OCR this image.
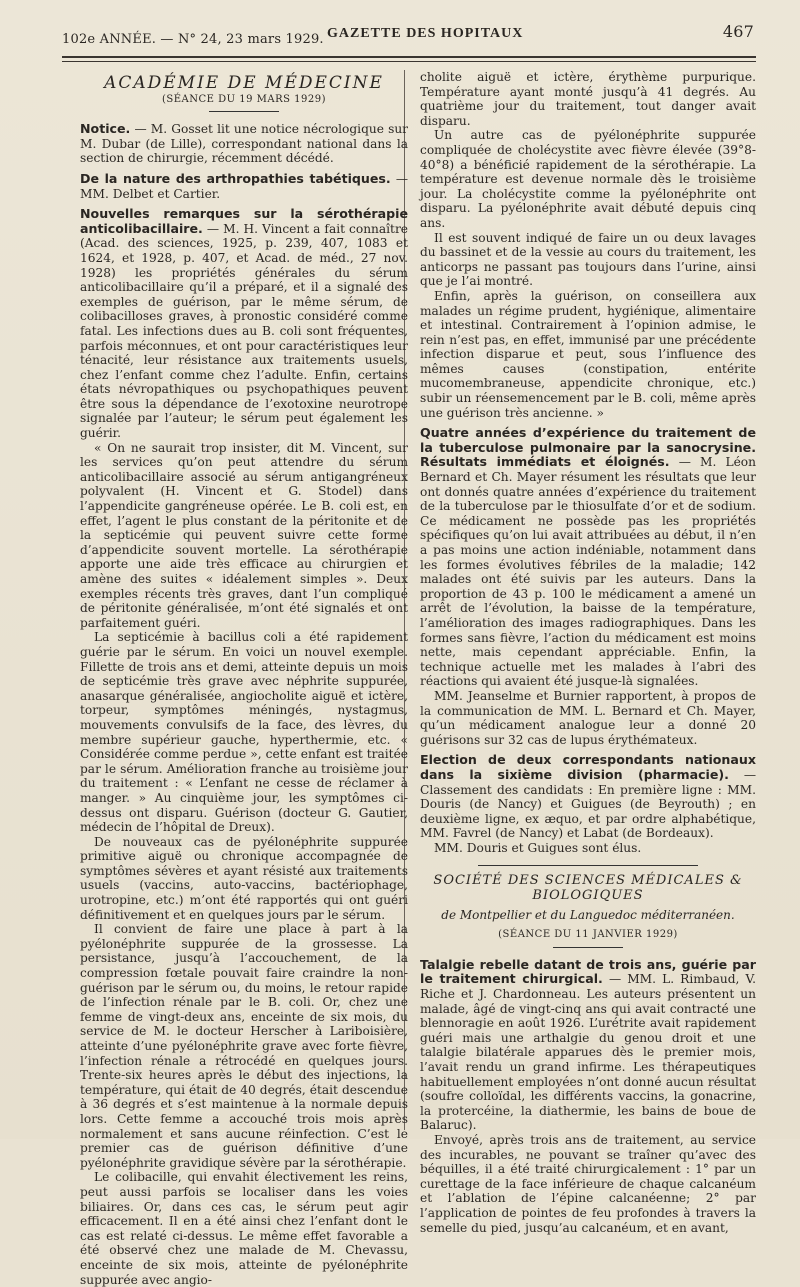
102e ANNÉE. — N° 24, 23 mars 1929. GAZETTE DES HOPITAUX	467
ACADÉMIE DE MÉDECINE
(SÉANCE DU 19 MARS 1929)

Notice. — M. Gosset lit une notice nécrologique sur M. Dubar (de Lille), correspondant national dans la section de chirurgie, récemment décédé.

De la nature des arthropathies tabétiques. — MM. Delbet et Cartier.

Nouvelles remarques sur la sérothérapie anticolibacillaire. — M. H. Vincent a fait connaître (Acad. des sciences, 1925, p. 239, 407, 1083 et 1624, et 1928, p. 407, et Acad. de méd., 27 nov. 1928) les propriétés générales du sérum anticolibacillaire qu’il a préparé, et il a signalé des exemples de guérison, par le même sérum, de colibacilloses graves, à pronostic considéré comme fatal. Les infections dues au B. coli sont fréquentes, parfois méconnues, et ont pour caractéristiques leur ténacité, leur résistance aux traitements usuels, chez l’enfant comme chez l’adulte. Enfin, certains états névropathiques ou psychopathiques peuvent être sous la dépendance de l’exotoxine neurotrope signalée par l’auteur; le sérum peut également les guérir.

« On ne saurait trop insister, dit M. Vincent, sur les services qu’on peut attendre du sérum anticolibacillaire associé au sérum antigangréneux polyvalent (H. Vincent et G. Stodel) dans l’appendicite gangréneuse opérée. Le B. coli est, en effet, l’agent le plus constant de la péritonite et de la septicémie qui peuvent suivre cette forme d’appendicite souvent mortelle. La sérothérapie apporte une aide très efficace au chirurgien et amène des suites « idéalement simples ». Deux exemples récents très graves, dant l’un compliqué de péritonite généralisée, m’ont été signalés et ont parfaitement guéri.

La septicémie à bacillus coli a été rapidement guérie par le sérum. En voici un nouvel exemple. Fillette de trois ans et demi, atteinte depuis un mois de septicémie très grave avec néphrite suppurée, anasarque généralisée, angiocholite aiguë et ictère, torpeur, symptômes méningés, nystagmus, mouvements convulsifs de la face, des lèvres, du membre supérieur gauche, hyperthermie, etc. « Considérée comme perdue », cette enfant est traitée par le sérum. Amélioration franche au troisième jour du traitement : « L’enfant ne cesse de réclamer à manger. » Au cinquième jour, les symptômes ci-dessus ont disparu. Guérison (docteur G. Gautier, médecin de l’hôpital de Dreux).

De nouveaux cas de pyélonéphrite suppurée primitive aiguë ou chronique accompagnée de symptômes sévères et ayant résisté aux traitements usuels (vaccins, auto-vaccins, bactériophage, urotropine, etc.) m’ont été rapportés qui ont guéri définitivement et en quelques jours par le sérum.

Il convient de faire une place à part à la pyélonéphrite suppurée de la grossesse. La persistance, jusqu’à l’accouchement, de la compression fœtale pouvait faire craindre la non-guérison par le sérum ou, du moins, le retour rapide de l’infection rénale par le B. coli. Or, chez une femme de vingt-deux ans, enceinte de six mois, du service de M. le docteur Herscher à Lariboisière, atteinte d’une pyélonéphrite grave avec forte fièvre, l’infection rénale a rétrocédé en quelques jours. Trente-six heures après le début des injections, la température, qui était de 40 degrés, était descendue à 36 degrés et s’est maintenue à la normale depuis lors. Cette femme a accouché trois mois après normalement et sans aucune réinfection. C’est le premier cas de guérison définitive d’une pyélonéphrite gravidique sévère par la sérothérapie.

Le colibacille, qui envahit électivement les reins, peut aussi parfois se localiser dans les voies biliaires. Or, dans ces cas, le sérum peut agir efficacement. Il en a été ainsi chez l’enfant dont le cas est relaté ci-dessus. Le même effet favorable a été observé chez une malade de M. Chevassu, enceinte de six mois, atteinte de pyélonéphrite suppurée avec angio-

cholite aiguë et ictère, érythème purpurique. Température ayant monté jusqu’à 41 degrés. Au quatrième jour du traitement, tout danger avait disparu.

Un autre cas de pyélonéphrite suppurée compliquée de cholécystite avec fièvre élevée (39°8-40°8) a bénéficié rapidement de la sérothérapie. La température est devenue normale dès le troisième jour. La cholécystite comme la pyélonéphrite ont disparu. La pyélonéphrite avait débuté depuis cinq ans.

Il est souvent indiqué de faire un ou deux lavages du bassinet et de la vessie au cours du traitement, les anticorps ne passant pas toujours dans l’urine, ainsi que je l’ai montré.

Enfin, après la guérison, on conseillera aux malades un régime prudent, hygiénique, alimentaire et intestinal. Contrairement à l’opinion admise, le rein n’est pas, en effet, immunisé par une précédente infection disparue et peut, sous l’influence des mêmes causes (constipation, entérite mucomembraneuse, appendicite chronique, etc.) subir un réensemencement par le B. coli, même après une guérison très ancienne. »

Quatre années d’expérience du traitement de la tuberculose pulmonaire par la sanocrysine. Résultats immédiats et éloignés. — M. Léon Bernard et Ch. Mayer résument les résultats que leur ont donnés quatre années d’expérience du traitement de la tuberculose par le thiosulfate d’or et de sodium. Ce médicament ne possède pas les propriétés spécifiques qu’on lui avait attribuées au début, il n’en a pas moins une action indéniable, notamment dans les formes évolutives fébriles de la maladie; 142 malades ont été suivis par les auteurs. Dans la proportion de 43 p. 100 le médicament a amené un arrêt de l’évolution, la baisse de la température, l’amélioration des images radiographiques. Dans les formes sans fièvre, l’action du médicament est moins nette, mais cependant appréciable. Enfin, la technique actuelle met les malades à l’abri des réactions qui avaient été jusque-là signalées.

MM. Jeanselme et Burnier rapportent, à propos de la communication de MM. L. Bernard et Ch. Mayer, qu’un médicament analogue leur a donné 20 guérisons sur 32 cas de lupus érythémateux.

Election de deux correspondants nationaux dans la sixième division (pharmacie). — Classement des candidats : En première ligne : MM. Douris (de Nancy) et Guigues (de Beyrouth) ; en deuxième ligne, ex æquo, et par ordre alphabétique, MM. Favrel (de Nancy) et Labat (de Bordeaux).

MM. Douris et Guigues sont élus.

SOCIÉTÉ DES SCIENCES MÉDICALES & BIOLOGIQUES
de Montpellier et du Languedoc méditerranéen.
(SÉANCE DU 11 JANVIER 1929)

Talalgie rebelle datant de trois ans, guérie par le traitement chirurgical. — MM. L. Rimbaud, V. Riche et J. Chardonneau. Les auteurs présentent un malade, âgé de vingt-cinq ans qui avait contracté une blennoragie en août 1926. L’urétrite avait rapidement guéri mais une arthalgie du genou droit et une talalgie bilatérale apparues dès le premier mois, l’avait rendu un grand infirme. Les thérapeutiques habituellement employées n’ont donné aucun résultat (soufre colloïdal, les différents vaccins, la gonacrine, la protercéine, la diathermie, les bains de boue de Balaruc).

Envoyé, après trois ans de traitement, au service des incurables, ne pouvant se traîner qu’avec des béquilles, il a été traité chirurgicalement : 1° par un curettage de la face inférieure de chaque calcanéum et l’ablation de l’épine calcanéenne; 2° par l’application de pointes de feu profondes à travers la semelle du pied, jusqu’au calcanéum, et en avant,
